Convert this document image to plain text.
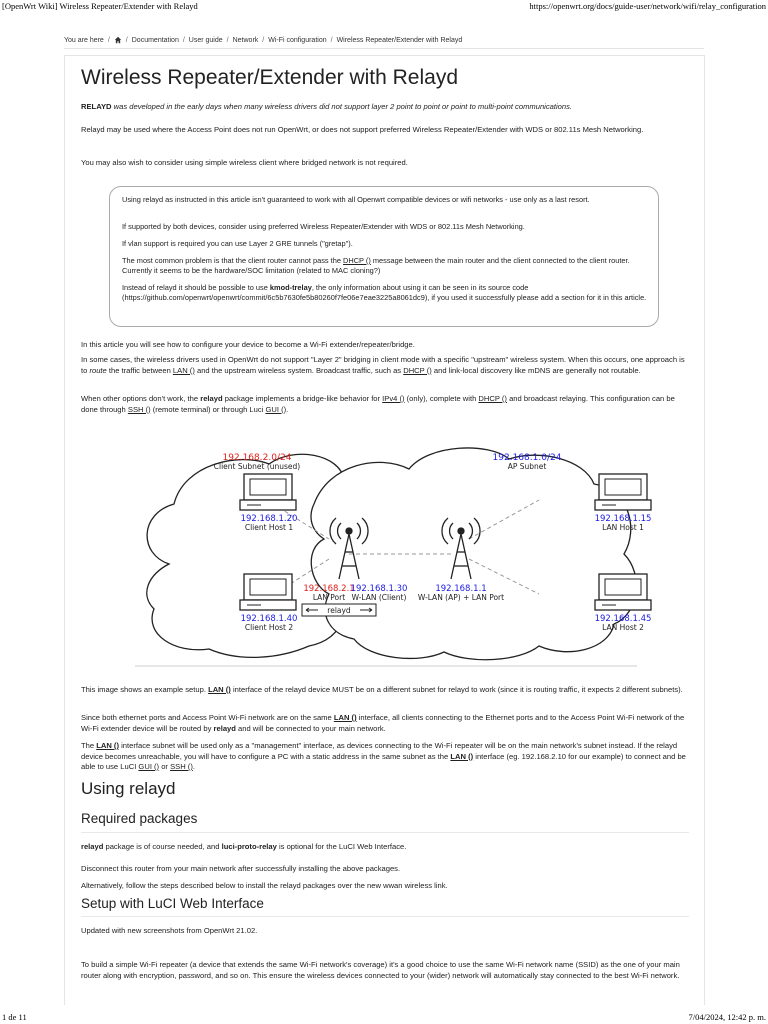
[OpenWrt Wiki] Wireless Repeater/Extender with Relayd	https://openwrt.org/docs/guide-user/network/wifi/relay_configuration
You are here / / Documentation / User guide / Network / Wi-Fi configuration / Wireless Repeater/Extender with Relayd
Wireless Repeater/Extender with Relayd

RELAYD was developed in the early days when many wireless drivers did not support layer 2 point to point or point to multi-point communications.

Relayd may be used where the Access Point does not run OpenWrt, or does not support preferred Wireless Repeater/Extender with WDS or 802.11s Mesh Networking.

You may also wish to consider using simple wireless client where bridged network is not required.

Using relayd as instructed in this article isn't guaranteed to work with all Openwrt compatible devices or wifi networks - use only as a last resort.

If supported by both devices, consider using preferred Wireless Repeater/Extender with WDS or 802.11s Mesh Networking.

If vlan support is required you can use Layer 2 GRE tunnels ("gretap").

The most common problem is that the client router cannot pass the DHCP () message between the main router and the client connected to the client router. Currently it seems to be the hardware/SOC limitation (related to MAC cloning?)

Instead of relayd it should be possible to use kmod-trelay, the only information about using it can be seen in its source code (https://github.com/openwrt/openwrt/commit/6c5b7630fe5b80260f7fe06e7eae3225a8061dc9), if you used it successfully please add a section for it in this article.

In this article you will see how to configure your device to become a Wi-Fi extender/repeater/bridge.

In some cases, the wireless drivers used in OpenWrt do not support "Layer 2" bridging in client mode with a specific "upstream" wireless system. When this occurs, one approach is to route the traffic between LAN () and the upstream wireless system. Broadcast traffic, such as DHCP () and link-local discovery like mDNS are generally not routable.

When other options don't work, the relayd package implements a bridge-like behavior for IPv4 () (only), complete with DHCP () and broadcast relaying. This configuration can be done through SSH () (remote terminal) or through Luci GUI ().

192.168.2.0/24
Client Subnet (unused)
192.168.1.0/24
AP Subnet
192.168.1.20
Client Host 1
192.168.1.40
Client Host 2
192.168.1.15
LAN Host 1
192.168.1.45
LAN Host 2
192.168.2.1
LAN Port
192.168.1.30
W-LAN (Client)
192.168.1.1
W-LAN (AP) + LAN Port
relayd

This image shows an example setup. LAN () interface of the relayd device MUST be on a different subnet for relayd to work (since it is routing traffic, it expects 2 different subnets).

Since both ethernet ports and Access Point Wi-Fi network are on the same LAN () interface, all clients connecting to the Ethernet ports and to the Access Point Wi-Fi network of the Wi-Fi extender device will be routed by relayd and will be connected to your main network.

The LAN () interface subnet will be used only as a "management" interface, as devices connecting to the Wi-Fi repeater will be on the main network's subnet instead. If the relayd device becomes unreachable, you will have to configure a PC with a static address in the same subnet as the LAN () interface (eg. 192.168.2.10 for our example) to connect and be able to use LuCI GUI () or SSH ().

Using relayd
Required packages

relayd package is of course needed, and luci-proto-relay is optional for the LuCI Web Interface.

Disconnect this router from your main network after successfully installing the above packages.

Alternatively, follow the steps described below to install the relayd packages over the new wwan wireless link.

Setup with LuCI Web Interface

Updated with new screenshots from OpenWrt 21.02.

To build a simple Wi-Fi repeater (a device that extends the same Wi-Fi network's coverage) it's a good choice to use the same Wi-Fi network name (SSID) as the one of your main router along with encryption, password, and so on. This ensure the wireless devices connected to your (wider) network will automatically stay connected to the best Wi-Fi network.

1 de 11	7/04/2024, 12:42 p. m.
